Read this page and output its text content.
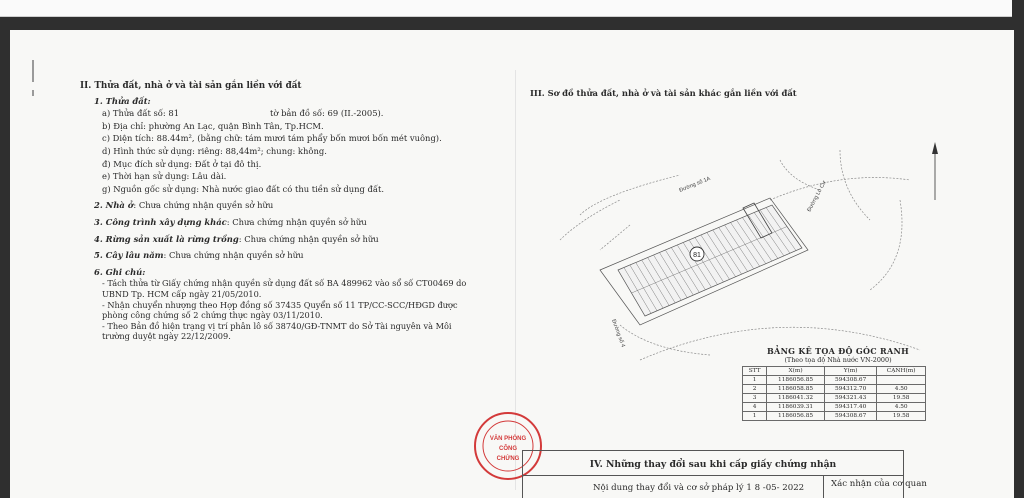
II. Thửa đất, nhà ở và tài sản gắn liền với đất
1. Thửa đất:
a) Thửa đất số: 81	tờ bản đồ số: 69 (II.-2005).
b) Địa chỉ: phường An Lạc, quận Bình Tân, Tp.HCM.
c) Diện tích: 88.44m², (bằng chữ: tám mươi tám phẩy bốn mươi bốn mét vuông).
d) Hình thức sử dụng: riêng: 88,44m²; chung: không.
đ) Mục đích sử dụng: Đất ở tại đô thị.
e) Thời hạn sử dụng: Lâu dài.
g) Nguồn gốc sử dụng: Nhà nước giao đất có thu tiền sử dụng đất.
2. Nhà ở: Chưa chứng nhận quyền sở hữu
3. Công trình xây dựng khác: Chưa chứng nhận quyền sở hữu
4. Rừng sản xuất là rừng trồng: Chưa chứng nhận quyền sở hữu
5. Cây lâu năm: Chưa chứng nhận quyền sở hữu
6. Ghi chú:
- Tách thửa từ Giấy chứng nhận quyền sử dụng đất số BA 489962 vào sổ số CT00469 do UBND Tp. HCM cấp ngày 21/05/2010.
- Nhận chuyển nhượng theo Hợp đồng số 37435 Quyển số 11 TP/CC-SCC/HĐGD được phòng công chứng số 2 chứng thực ngày 03/11/2010.
- Theo Bản đồ hiện trạng vị trí phân lô số 38740/GĐ-TNMT do Sở Tài nguyên và Môi trường duyệt ngày 22/12/2009.
III. Sơ đồ thửa đất, nhà ở và tài sản khác gắn liền với đất
81
Đường số 1A	Đường Lô Cư
Đường số 4
BẢNG KÊ TỌA ĐỘ GÓC RANH
(Theo tọa độ Nhà nước VN-2000)
STT	X(m)	Y(m)	CẠNH(m)
1	1186056.85	594308.67	
2	1186058.85	594312.70	4.50
3	1186041.32	594321.43	19.58
4	1186039.31	594317.40	4.50
1	1186056.85	594308.67	19.58
VĂN PHÒNG
CÔNG
CHỨNG	IV. Những thay đổi sau khi cấp giấy chứng nhận
Nội dung thay đổi và cơ sở pháp lý 1 8 -05- 2022	Xác nhận của cơ quan
